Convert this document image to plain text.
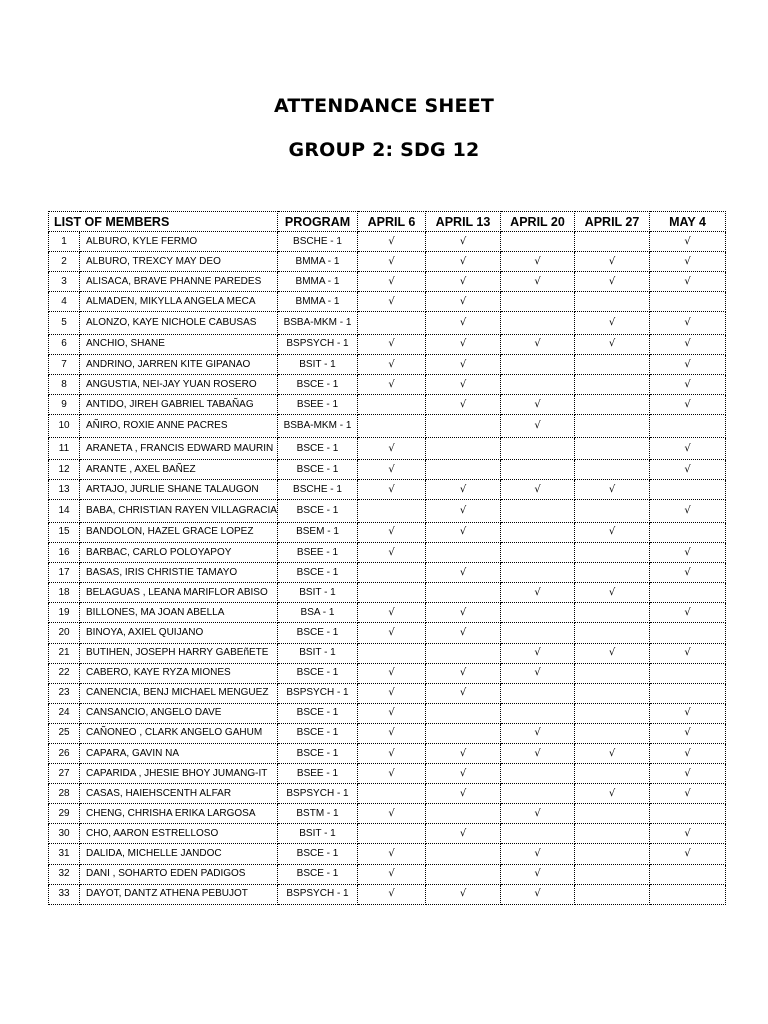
ATTENDANCE SHEET
GROUP 2: SDG 12
LIST OF MEMBERS		PROGRAM	APRIL 6	APRIL 13	APRIL 20	APRIL 27	MAY 4
1	ALBURO, KYLE FERMO	BSCHE - 1	√	√			√
2	ALBURO, TREXCY MAY DEO	BMMA - 1	√	√	√	√	√
3	ALISACA, BRAVE PHANNE PAREDES	BMMA - 1	√	√	√	√	√
4	ALMADEN, MIKYLLA ANGELA MECA	BMMA - 1	√	√			
5	ALONZO, KAYE NICHOLE CABUSAS	BSBA-MKM - 1		√		√	√
6	ANCHIO, SHANE	BSPSYCH - 1	√	√	√	√	√
7	ANDRINO, JARREN KITE GIPANAO	BSIT - 1	√	√			√
8	ANGUSTIA, NEI-JAY YUAN ROSERO	BSCE - 1	√	√			√
9	ANTIDO, JIREH GABRIEL TABAÑAG	BSEE - 1		√	√		√
10	AÑIRO, ROXIE ANNE PACRES	BSBA-MKM - 1			√		
11	ARANETA , FRANCIS EDWARD MAURIN	BSCE - 1	√				√
12	ARANTE , AXEL BAÑEZ	BSCE - 1	√				√
13	ARTAJO, JURLIE SHANE TALAUGON	BSCHE - 1	√	√	√	√	
14	BABA, CHRISTIAN RAYEN VILLAGRACIA	BSCE - 1		√			√
15	BANDOLON, HAZEL GRACE LOPEZ	BSEM - 1	√	√		√	
16	BARBAC, CARLO POLOYAPOY	BSEE - 1	√				√
17	BASAS, IRIS CHRISTIE TAMAYO	BSCE - 1		√			√
18	BELAGUAS , LEANA MARIFLOR ABISO	BSIT - 1			√	√	
19	BILLONES, MA JOAN ABELLA	BSA - 1	√	√			√
20	BINOYA, AXIEL QUIJANO	BSCE - 1	√	√			
21	BUTIHEN, JOSEPH HARRY GABEñETE	BSIT - 1			√	√	√
22	CABERO, KAYE RYZA MIONES	BSCE - 1	√	√	√		
23	CANENCIA, BENJ MICHAEL MENGUEZ	BSPSYCH - 1	√	√			
24	CANSANCIO, ANGELO DAVE	BSCE - 1	√				√
25	CAÑONEO , CLARK ANGELO GAHUM	BSCE - 1	√		√		√
26	CAPARA, GAVIN NA	BSCE - 1	√	√	√	√	√
27	CAPARIDA , JHESIE BHOY JUMANG-IT	BSEE - 1	√	√			√
28	CASAS, HAIEHSCENTH ALFAR	BSPSYCH - 1		√		√	√
29	CHENG, CHRISHA ERIKA LARGOSA	BSTM - 1	√		√		
30	CHO, AARON ESTRELLOSO	BSIT - 1		√			√
31	DALIDA, MICHELLE JANDOC	BSCE - 1	√		√		√
32	DANI , SOHARTO EDEN PADIGOS	BSCE - 1	√		√		
33	DAYOT, DANTZ ATHENA PEBUJOT	BSPSYCH - 1	√	√	√		
